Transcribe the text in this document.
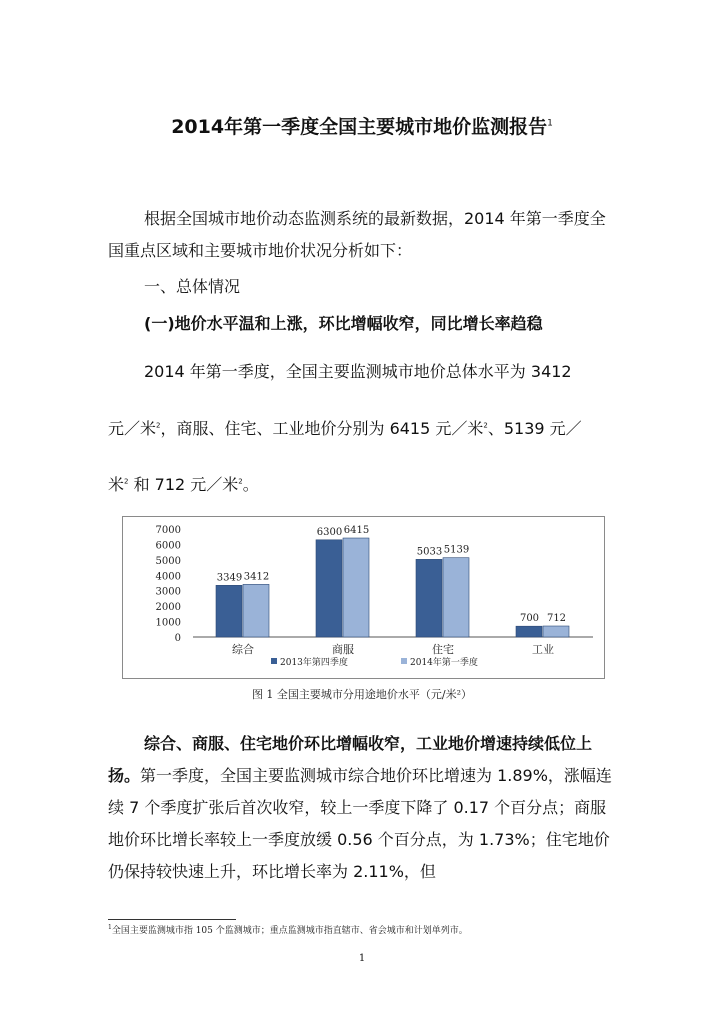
2014年第一季度全国主要城市地价监测报告$^1$

根据全国城市地价动态监测系统的最新数据，2014 年第一季度全国重点区域和主要城市地价状况分析如下：

一、总体情况
(一)地价水平温和上涨，环比增幅收窄，同比增长率趋稳
2014 年第一季度，全国主要监测城市地价总体水平为 3412
元／米$^2$，商服、住宅、工业地价分别为 6415 元／米$^2$、5139 元／
米$^2$ 和 712 元／米$^2$。
0
1000
2000
3000
4000
5000
6000
7000
3349 3412
综合
6300 6415
商服
5033 5139
住宅
700 712
工业
2013年第四季度	2014年第一季度
图 1 全国主要城市分用途地价水平（元/米²）

综合、商服、住宅地价环比增幅收窄，工业地价增速持续低位上扬。第一季度，全国主要监测城市综合地价环比增速为 1.89%，涨幅连续 7 个季度扩张后首次收窄，较上一季度下降了 0.17 个百分点；商服地价环比增长率较上一季度放缓 0.56 个百分点，为 1.73%；住宅地价仍保持较快速上升，环比增长率为 2.11%，但

$^1$全国主要监测城市指 105 个监测城市；重点监测城市指直辖市、省会城市和计划单列市。
1
